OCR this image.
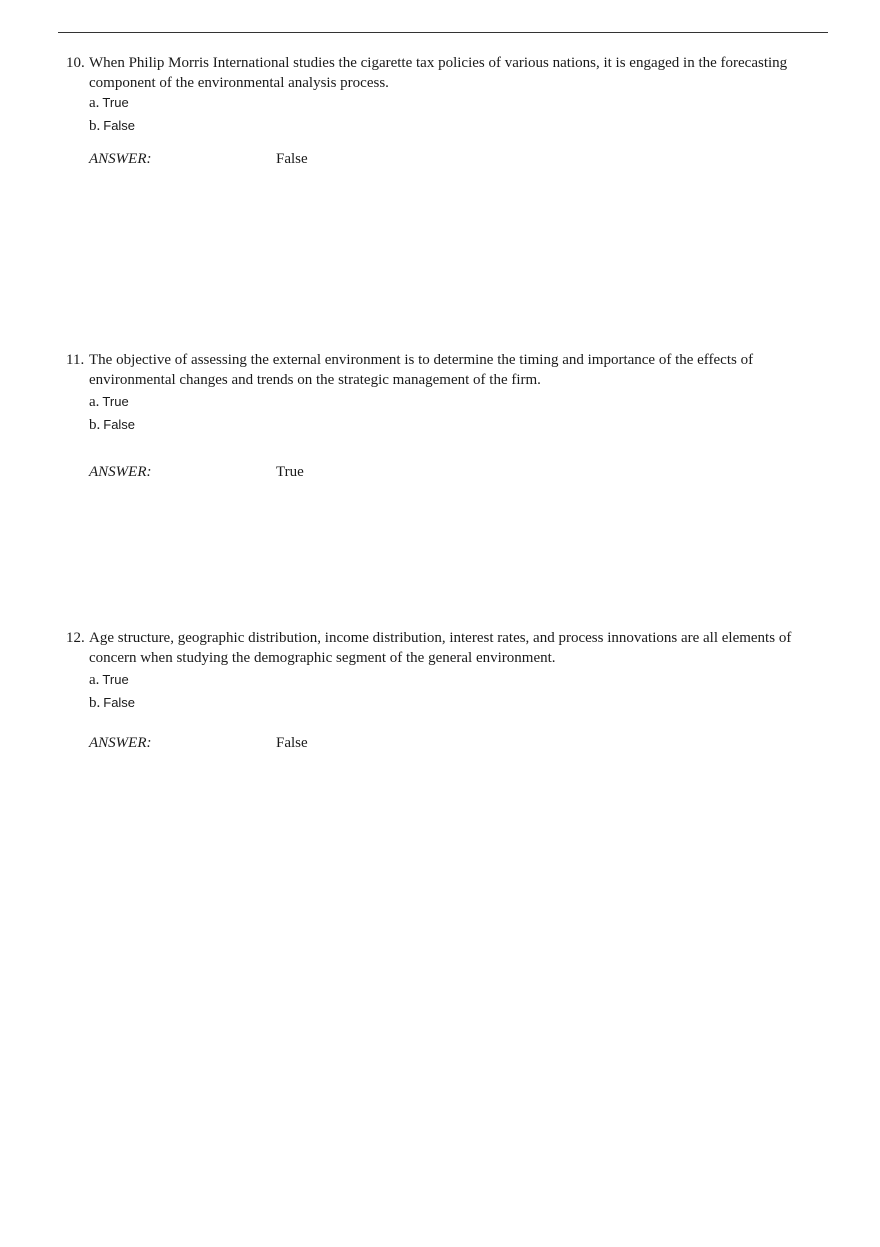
10. When Philip Morris International studies the cigarette tax policies of various nations, it is engaged in the forecasting component of the environmental analysis process.
a. True
b. False
ANSWER:	False
11. The objective of assessing the external environment is to determine the timing and importance of the effects of environmental changes and trends on the strategic management of the firm.
a. True
b. False
ANSWER:	True
12. Age structure, geographic distribution, income distribution, interest rates, and process innovations are all elements of concern when studying the demographic segment of the general environment.
a. True
b. False
ANSWER:	False
